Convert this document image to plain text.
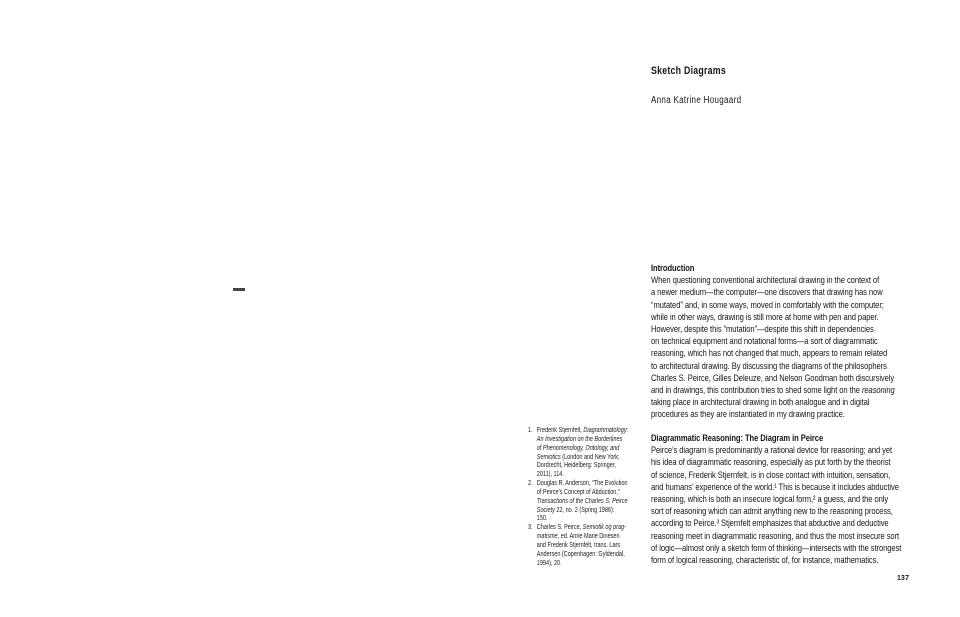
1. Frederik Stjernfelt, Diagrammatology:
An Investigation on the Borderlines
of Phenomenology, Ontology, and
Semiotics (London and New York;
Dordrecht, Heidelberg: Springer,
2011), 114.
2. Douglas R. Anderson, “The Evolution
of Peirce’s Concept of Abduction,”
Transactions of the Charles S. Peirce
Society 22, no. 2 (Spring 1986):
150.
3. Charles S. Peirce, Semiotik og prag-
matisme, ed. Anne Marie Dinesen
and Frederik Stjernfelt, trans. Lars
Andersen (Copenhagen: Gyldendal,
1994), 20.
Sketch Diagrams
Anna Katrine Hougaard
Introduction
When questioning conventional architectural drawing in the context of
a newer medium—the computer—one discovers that drawing has now
“mutated” and, in some ways, moved in comfortably with the computer;
while in other ways, drawing is still more at home with pen and paper.
However, despite this “mutation”—despite this shift in dependencies
on technical equipment and notational forms—a sort of diagrammatic
reasoning, which has not changed that much, appears to remain related
to architectural drawing. By discussing the diagrams of the philosophers
Charles S. Peirce, Gilles Deleuze, and Nelson Goodman both discursively
and in drawings, this contribution tries to shed some light on the reasoning
taking place in architectural drawing in both analogue and in digital
procedures as they are instantiated in my drawing practice.
Diagrammatic Reasoning: The Diagram in Peirce
Peirce’s diagram is predominantly a rational device for reasoning; and yet
his idea of diagrammatic reasoning, especially as put forth by the theorist
of science, Frederik Stjernfelt, is in close contact with intuition, sensation,
and humans’ experience of the world.¹ This is because it includes abductive
reasoning, which is both an insecure logical form,² a guess, and the only
sort of reasoning which can admit anything new to the reasoning process,
according to Peirce.³ Stjernfelt emphasizes that abductive and deductive
reasoning meet in diagrammatic reasoning, and thus the most insecure sort
of logic—almost only a sketch form of thinking—intersects with the strongest
form of logical reasoning, characteristic of, for instance, mathematics.
137
